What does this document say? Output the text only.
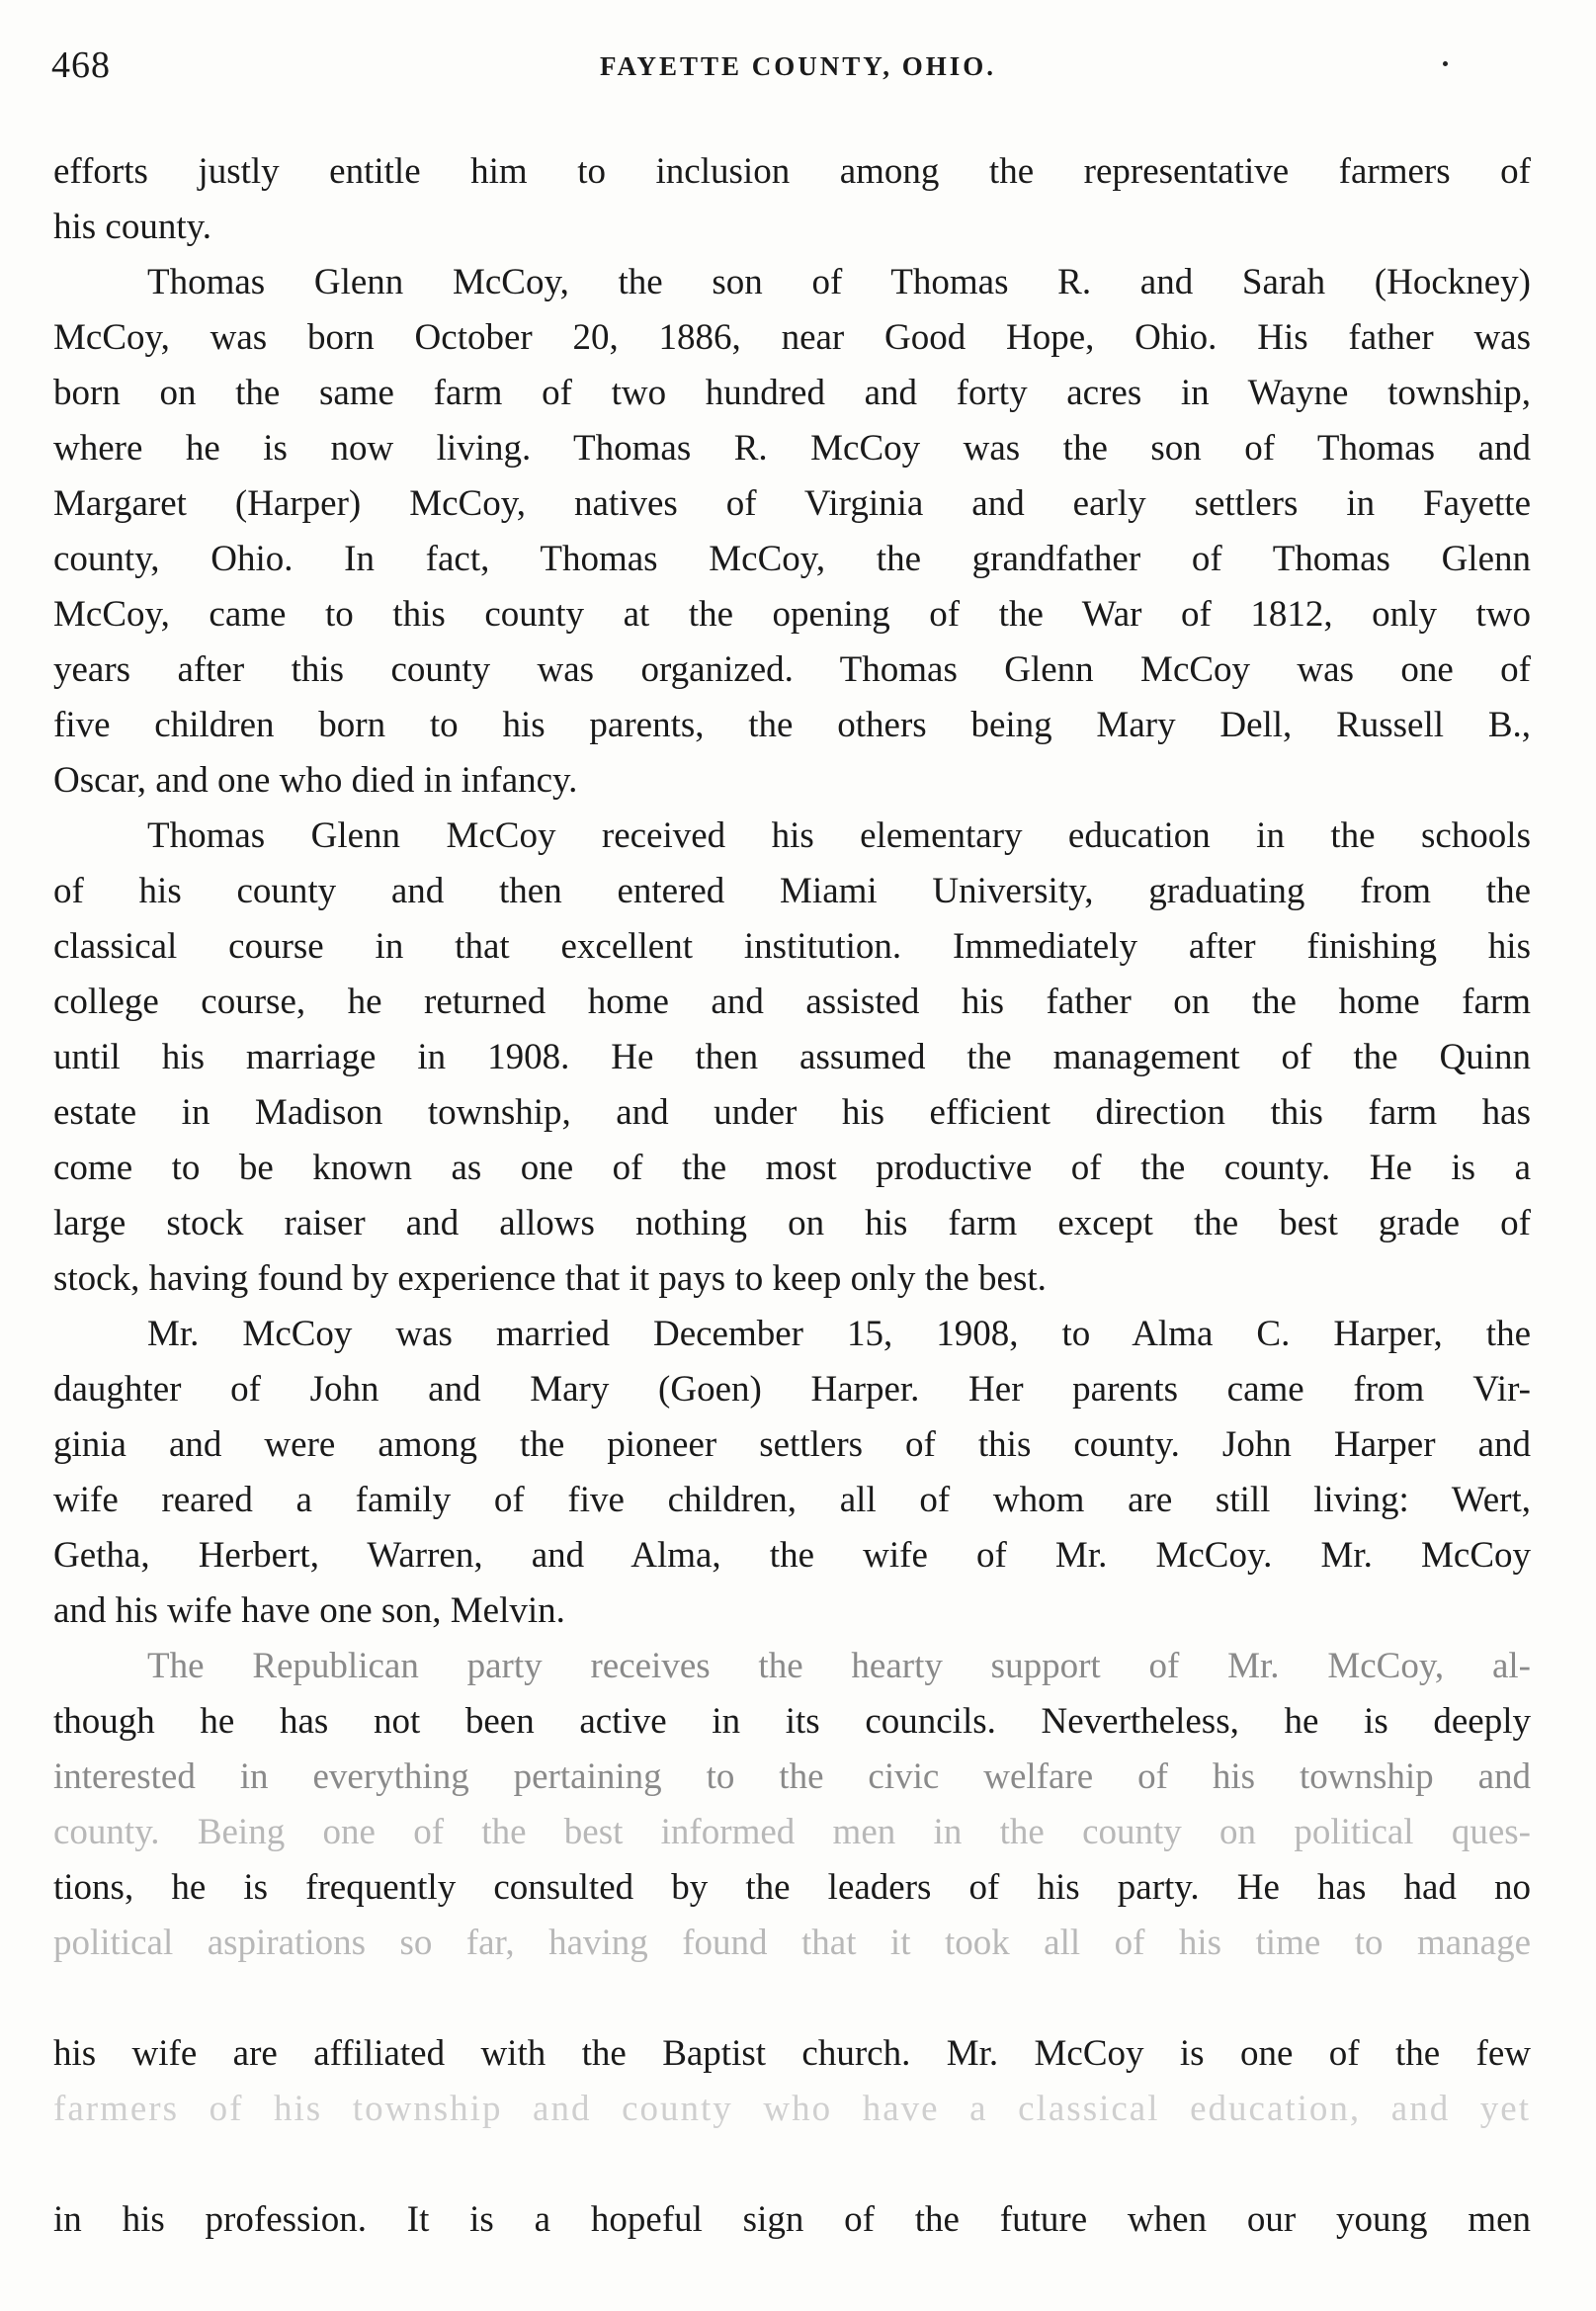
468	FAYETTE COUNTY, OHIO.
efforts justly entitle him to inclusion among the representative farmers of
his county.
Thomas Glenn McCoy, the son of Thomas R. and Sarah (Hockney)
McCoy, was born October 20, 1886, near Good Hope, Ohio. His father was
born on the same farm of two hundred and forty acres in Wayne township,
where he is now living. Thomas R. McCoy was the son of Thomas and
Margaret (Harper) McCoy, natives of Virginia and early settlers in Fayette
county, Ohio. In fact, Thomas McCoy, the grandfather of Thomas Glenn
McCoy, came to this county at the opening of the War of 1812, only two
years after this county was organized. Thomas Glenn McCoy was one of
five children born to his parents, the others being Mary Dell, Russell B.,
Oscar, and one who died in infancy.
Thomas Glenn McCoy received his elementary education in the schools
of his county and then entered Miami University, graduating from the
classical course in that excellent institution. Immediately after finishing his
college course, he returned home and assisted his father on the home farm
until his marriage in 1908. He then assumed the management of the Quinn
estate in Madison township, and under his efficient direction this farm has
come to be known as one of the most productive of the county. He is a
large stock raiser and allows nothing on his farm except the best grade of
stock, having found by experience that it pays to keep only the best.
Mr. McCoy was married December 15, 1908, to Alma C. Harper, the
daughter of John and Mary (Goen) Harper. Her parents came from Vir-
ginia and were among the pioneer settlers of this county. John Harper and
wife reared a family of five children, all of whom are still living: Wert,
Getha, Herbert, Warren, and Alma, the wife of Mr. McCoy. Mr. McCoy
and his wife have one son, Melvin.
The Republican party receives the hearty support of Mr. McCoy, al-
though he has not been active in its councils. Nevertheless, he is deeply
interested in everything pertaining to the civic welfare of his township and
county. Being one of the best informed men in the county on political ques-
tions, he is frequently consulted by the leaders of his party. He has had no
political aspirations so far, having found that it took all of his time to manage
his wife are affiliated with the Baptist church. Mr. McCoy is one of the few
farmers of his township and county who have a classical education, and yet
in his profession. It is a hopeful sign of the future when our young men
